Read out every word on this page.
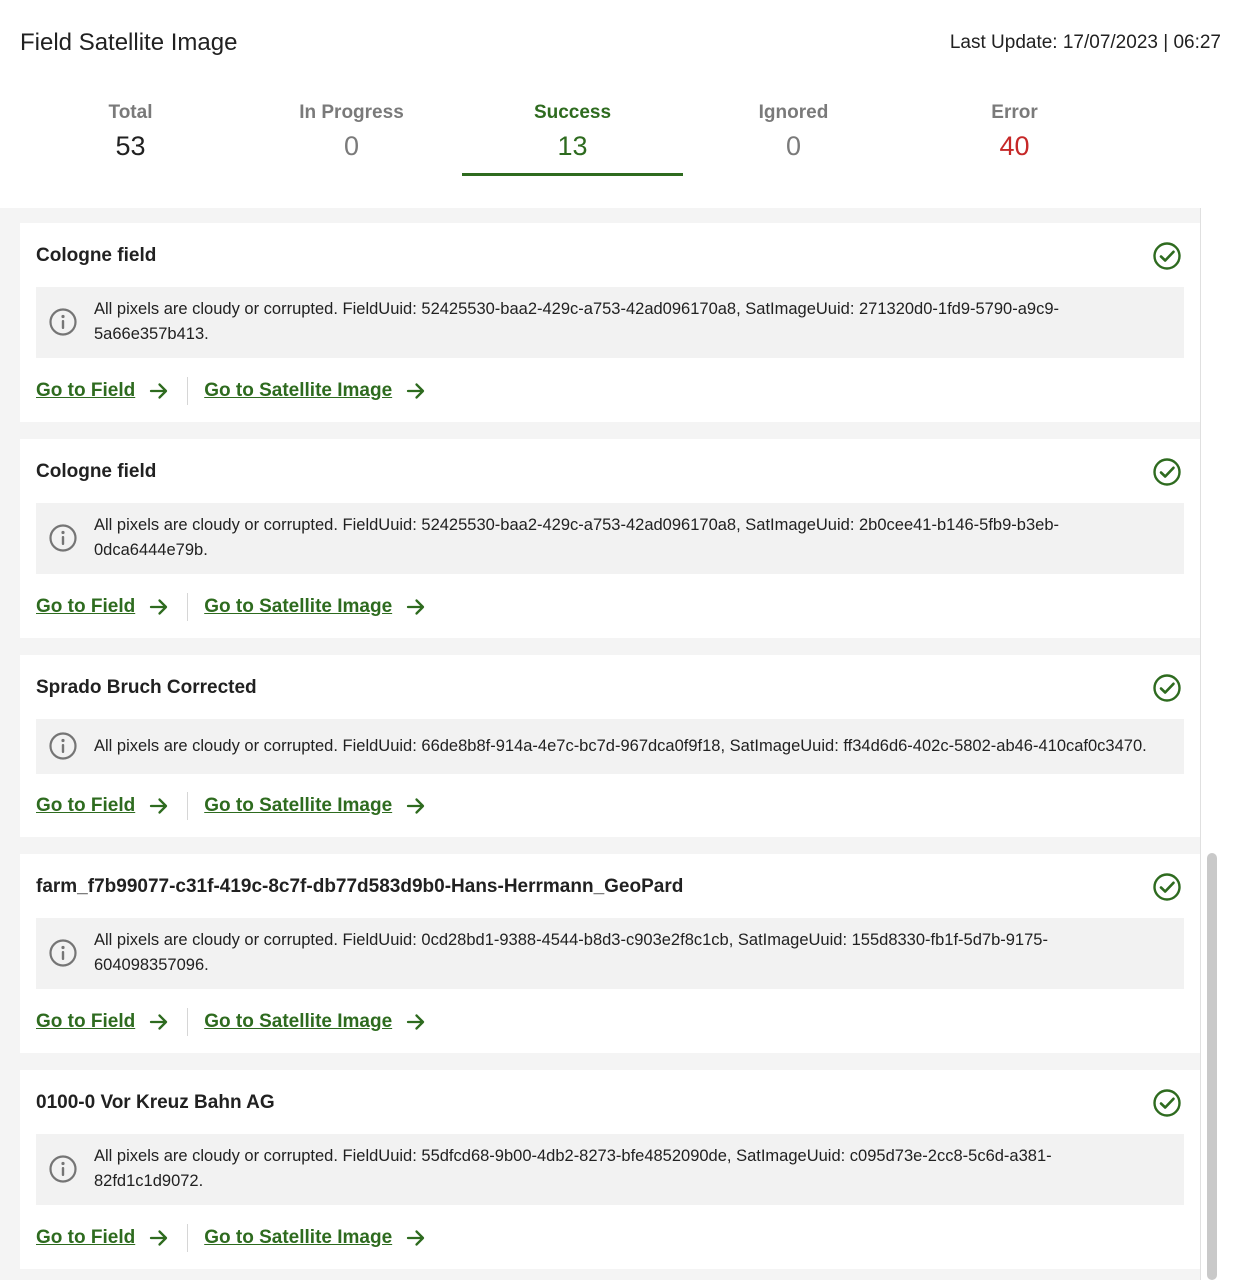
Field Satellite Image	Last Update: 17/07/2023 | 06:27
Total
53
In Progress
0
Success
13
Ignored
0
Error
40
Cologne field
All pixels are cloudy or corrupted. FieldUuid: 52425530-baa2-429c-a753-42ad096170a8, SatImageUuid: 271320d0-1fd9-5790-a9c9-
5a66e357b413.
Go to Field	Go to Satellite Image
Cologne field
All pixels are cloudy or corrupted. FieldUuid: 52425530-baa2-429c-a753-42ad096170a8, SatImageUuid: 2b0cee41-b146-5fb9-b3eb-
0dca6444e79b.
Go to Field	Go to Satellite Image
Sprado Bruch Corrected
All pixels are cloudy or corrupted. FieldUuid: 66de8b8f-914a-4e7c-bc7d-967dca0f9f18, SatImageUuid: ff34d6d6-402c-5802-ab46-410caf0c3470.
Go to Field	Go to Satellite Image
farm_f7b99077-c31f-419c-8c7f-db77d583d9b0-Hans-Herrmann_GeoPard
All pixels are cloudy or corrupted. FieldUuid: 0cd28bd1-9388-4544-b8d3-c903e2f8c1cb, SatImageUuid: 155d8330-fb1f-5d7b-9175-
604098357096.
Go to Field	Go to Satellite Image
0100-0 Vor Kreuz Bahn AG
All pixels are cloudy or corrupted. FieldUuid: 55dfcd68-9b00-4db2-8273-bfe4852090de, SatImageUuid: c095d73e-2cc8-5c6d-a381-
82fd1c1d9072.
Go to Field	Go to Satellite Image
